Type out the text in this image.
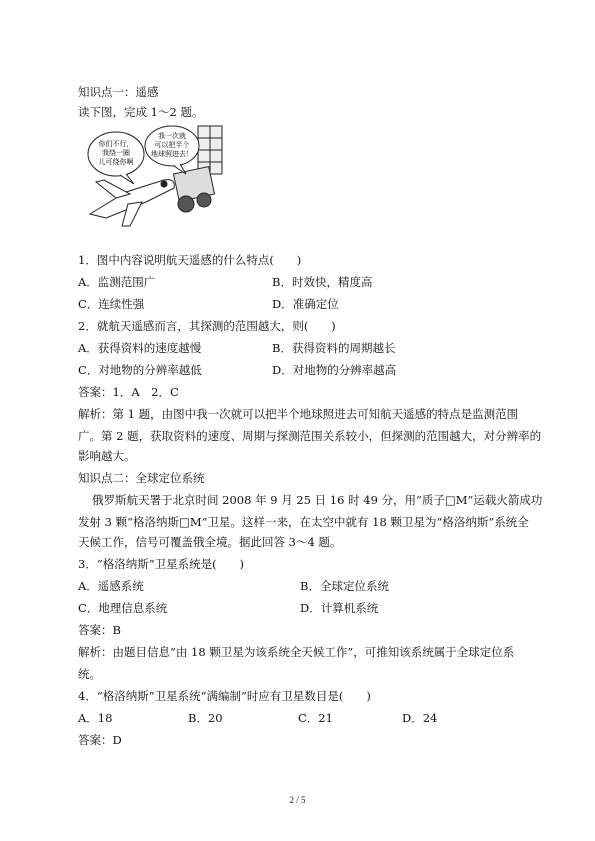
知识点一：遥感
读下图，完成 1～2 题。
你们不行，
我绕一圈
儿可绕你啊
我一次就
可以把半个
地球照进去！
1．图中内容说明航天遥感的什么特点(　　)
A．监测范围广	B．时效快，精度高
C．连续性强	D．准确定位
2．就航天遥感而言，其探测的范围越大，则(　　)
A．获得资料的速度越慢	B．获得资料的周期越长
C．对地物的分辨率越低	D．对地物的分辨率越高
答案：1．A　2．C
解析：第 1 题，由图中我一次就可以把半个地球照进去可知航天遥感的特点是监测范围
广。第 2 题，获取资料的速度、周期与探测范围关系较小，但探测的范围越大，对分辨率的
影响越大。
知识点二：全球定位系统
俄罗斯航天署于北京时间 2008 年 9 月 25 日 16 时 49 分，用“质子□M”运载火箭成功
发射 3 颗“格洛纳斯□M”卫星。这样一来，在太空中就有 18 颗卫星为“格洛纳斯”系统全
天候工作，信号可覆盖俄全境。据此回答 3～4 题。
3．“格洛纳斯”卫星系统是(　　)
A．遥感系统	B．全球定位系统
C．地理信息系统	D．计算机系统
答案：B
解析：由题目信息“由 18 颗卫星为该系统全天候工作”，可推知该系统属于全球定位系
统。
4．“格洛纳斯”卫星系统“满编制”时应有卫星数目是(　　)
A．18	B．20	C．21	D．24
答案：D
2 / 5
